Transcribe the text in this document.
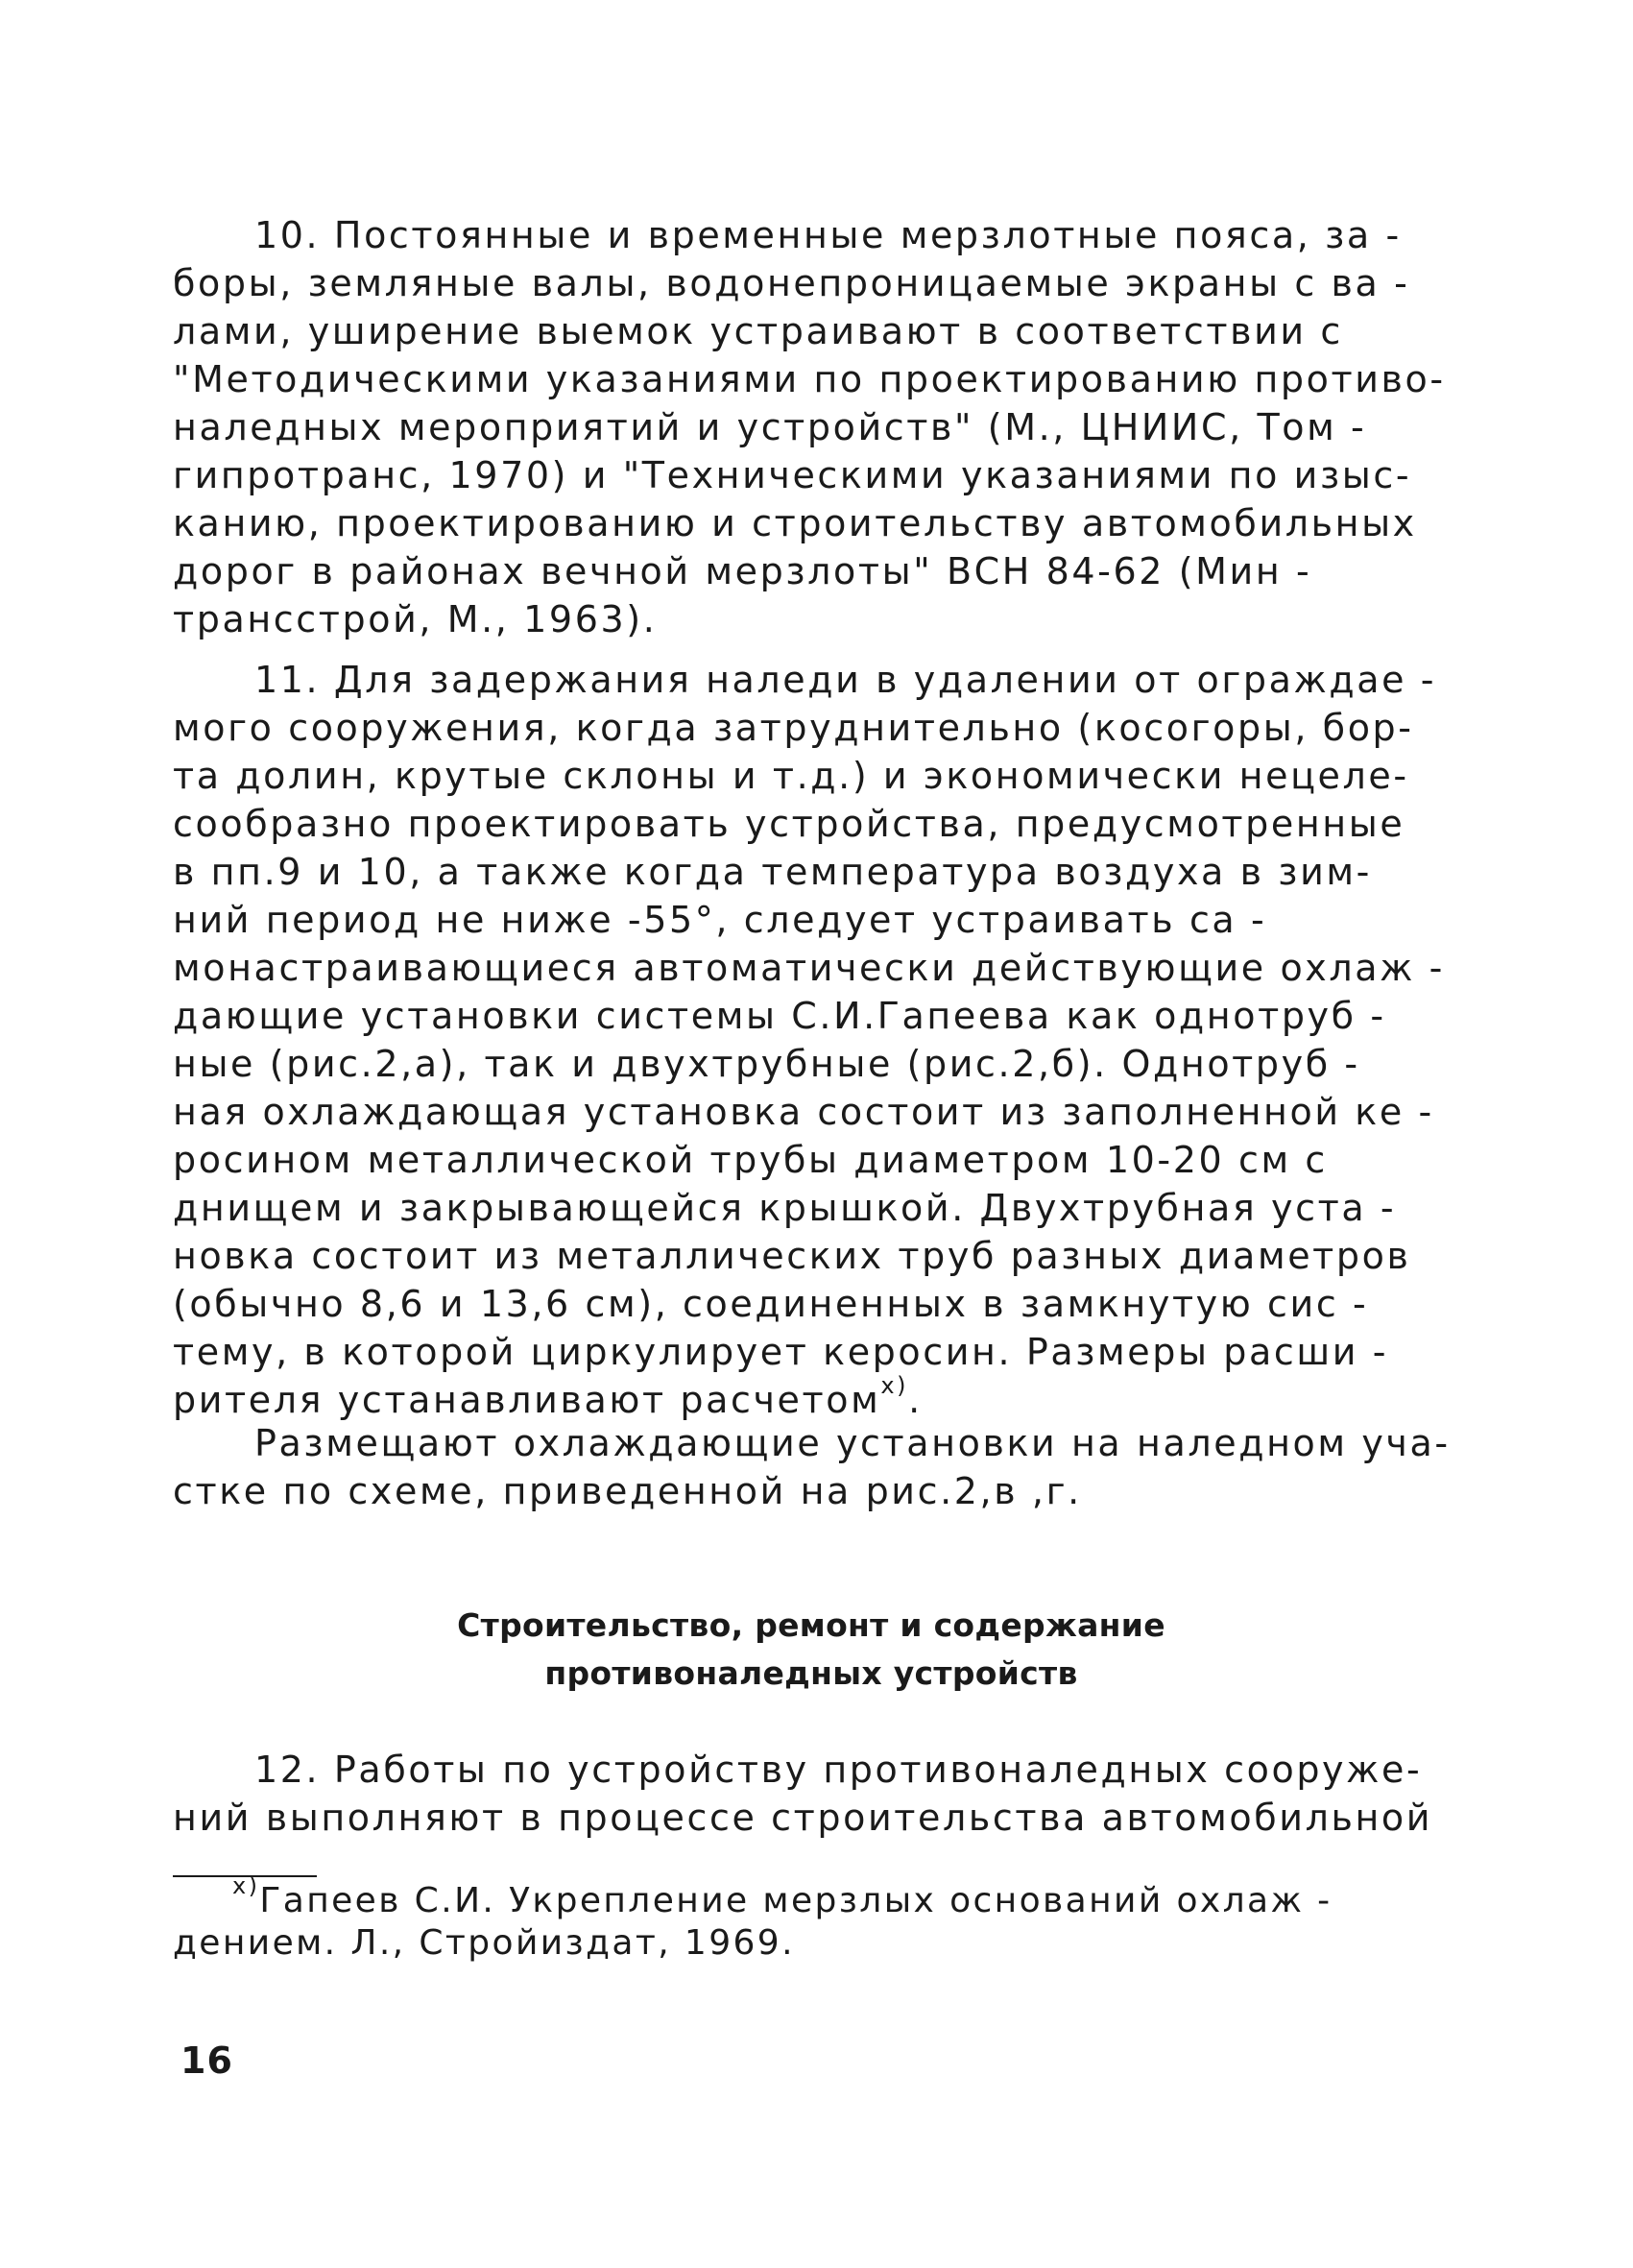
10. Постоянные и временные мерзлотные пояса, за -
боры, земляные валы, водонепроницаемые экраны с ва -
лами, уширение выемок устраивают в соответствии с
"Методическими указаниями по проектированию противо-
наледных мероприятий и устройств" (М., ЦНИИС, Том -
гипротранс, 1970) и "Техническими указаниями по изыс-
канию, проектированию и строительству автомобильных
дорог в районах вечной мерзлоты" ВСН 84-62 (Мин -
трансстрой, М., 1963).
11. Для задержания наледи в удалении от ограждае -
мого сооружения, когда затруднительно (косогоры, бор-
та долин, крутые склоны и т.д.) и экономически нецеле-
сообразно проектировать устройства, предусмотренные
в пп.9 и 10, а также когда температура воздуха в зим-
ний период не ниже -55°, следует устраивать са -
монастраивающиеся автоматически действующие охлаж -
дающие установки системы С.И.Гапеева как однотруб -
ные (рис.2,а), так и двухтрубные (рис.2,б). Однотруб -
ная охлаждающая установка состоит из заполненной ке -
росином металлической трубы диаметром 10-20 см с
днищем и закрывающейся крышкой. Двухтрубная уста -
новка состоит из металлических труб разных диаметров
(обычно 8,6 и 13,6 см), соединенных в замкнутую сис -
тему, в которой циркулирует керосин. Размеры расши -
рителя устанавливают расчетом$^{x)}$.
Размещают охлаждающие установки на наледном уча-
стке по схеме, приведенной на рис.2,в ,г.
Строительство, ремонт и содержание
противоналедных устройств
12. Работы по устройству противоналедных сооруже-
ний выполняют в процессе строительства автомобильной
$^{x)}$Гапеев С.И. Укрепление мерзлых оснований охлаж -
дением. Л., Стройиздат, 1969.
16
